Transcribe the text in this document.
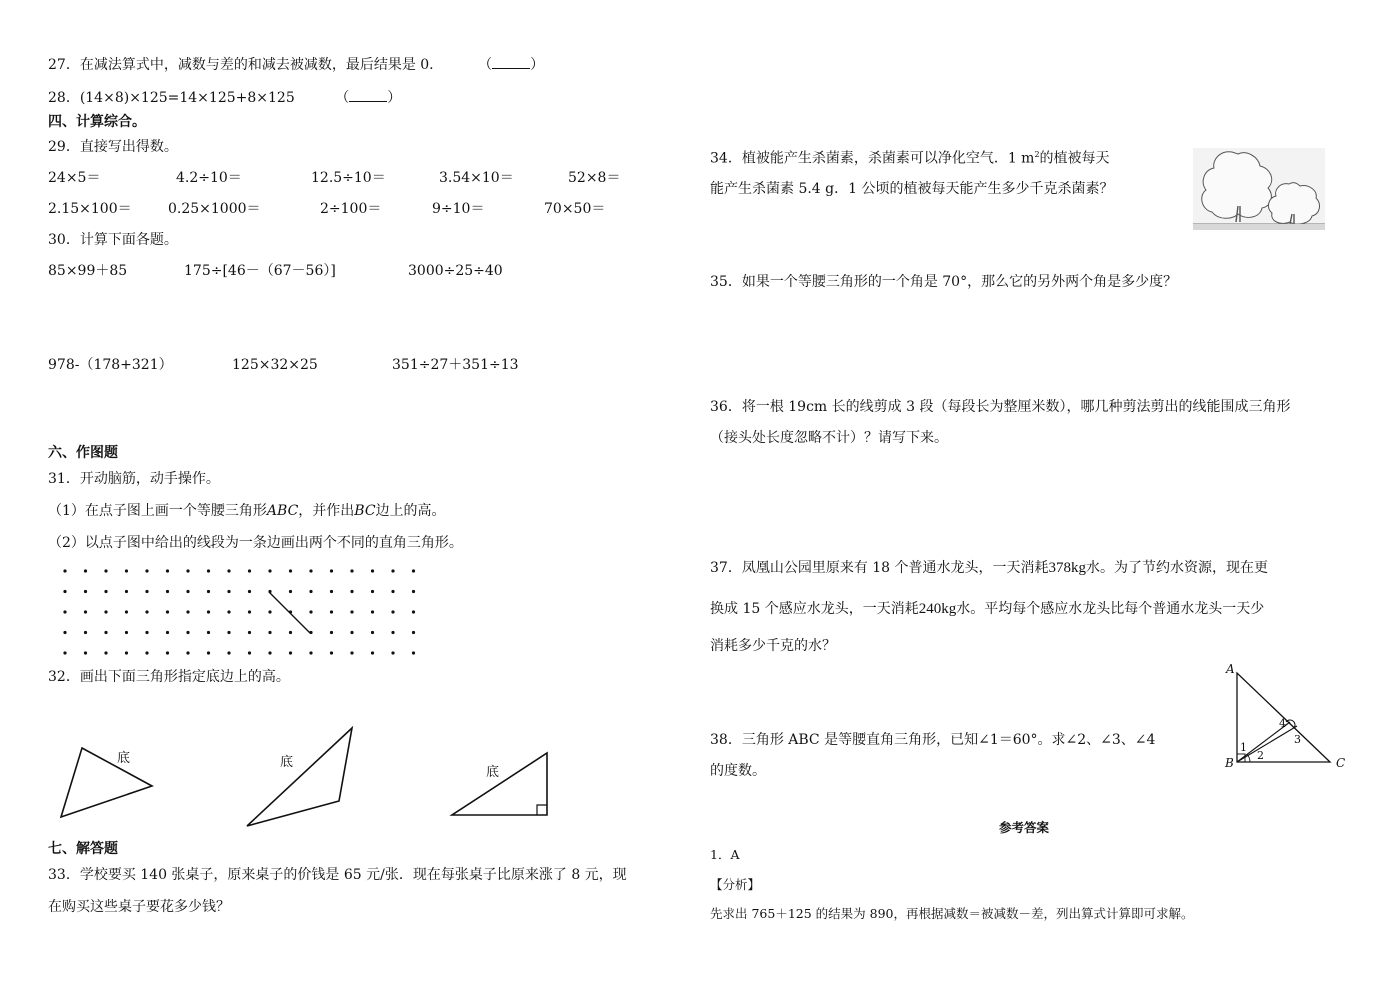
27．在减法算式中，减数与差的和减去被减数，最后结果是 0.	（	）
28．(14×8)×125=14×125+8×125	（	）
四、计算综合。
29．直接写出得数。
24×5＝	4.2÷10＝	12.5÷10＝	3.54×10＝	52×8＝
2.15×100＝	0.25×1000＝	2÷100＝	9÷10＝	70×50＝
30．计算下面各题。
85×99＋85	175÷[46－（67－56）]	3000÷25÷40
978-（178+321）	125×32×25	351÷27＋351÷13
六、作图题
31．开动脑筋，动手操作。
（1）在点子图上画一个等腰三角形ABC，并作出BC边上的高。
（2）以点子图中给出的线段为一条边画出两个不同的直角三角形。
32．画出下面三角形指定底边上的高。
底	底
底
七、解答题
33．学校要买 140 张桌子，原来桌子的价钱是 65 元/张．现在每张桌子比原来涨了 8 元，现
在购买这些桌子要花多少钱？
34．植被能产生杀菌素，杀菌素可以净化空气．1 $m^2$的植被每天
能产生杀菌素 5.4 g．1 公顷的植被每天能产生多少千克杀菌素？
35．如果一个等腰三角形的一个角是 70°，那么它的另外两个角是多少度？
36．将一根 19cm 长的线剪成 3 段（每段长为整厘米数），哪几种剪法剪出的线能围成三角形
（接头处长度忽略不计）？请写下来。
37．凤凰山公园里原来有 18 个普通水龙头，一天消耗378kg水。为了节约水资源，现在更
换成 15 个感应水龙头，一天消耗240kg水。平均每个感应水龙头比每个普通水龙头一天少
消耗多少千克的水？
38．三角形 ABC 是等腰直角三角形，已知∠1＝60°。求∠2、∠3、∠4
的度数。
A
B	C
1
2
3
4
参考答案
1．A
【分析】
先求出 765＋125 的结果为 890，再根据减数＝被减数－差，列出算式计算即可求解。
